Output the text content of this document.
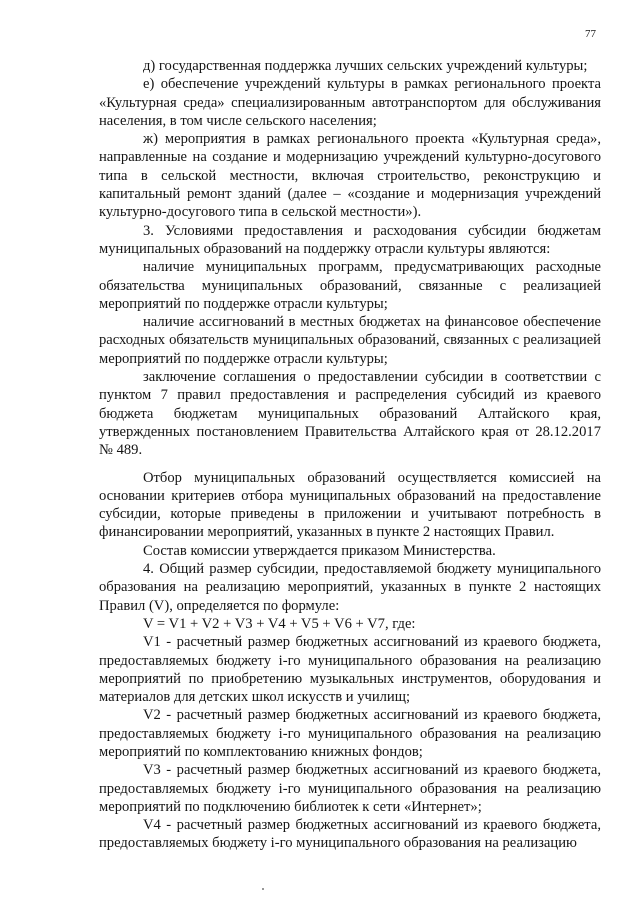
77

д) государственная поддержка лучших сельских учреждений культуры;

е) обеспечение учреждений культуры в рамках регионального проекта «Культурная среда» специализированным автотранспортом для обслуживания населения, в том числе сельского населения;

ж) мероприятия в рамках регионального проекта «Культурная среда», направленные на создание и модернизацию учреждений культурно-досугового типа в сельской местности, включая строительство, реконструкцию и капитальный ремонт зданий (далее – «создание и модернизация учреждений культурно-досугового типа в сельской местности»).

3. Условиями предоставления и расходования субсидии бюджетам муниципальных образований на поддержку отрасли культуры являются:

наличие муниципальных программ, предусматривающих расходные обязательства муниципальных образований, связанные с реализацией мероприятий по поддержке отрасли культуры;

наличие ассигнований в местных бюджетах на финансовое обеспечение расходных обязательств муниципальных образований, связанных с реализацией мероприятий по поддержке отрасли культуры;

заключение соглашения о предоставлении субсидии в соответствии с пунктом 7 правил предоставления и распределения субсидий из краевого бюджета бюджетам муниципальных образований Алтайского края, утвержденных постановлением Правительства Алтайского края от 28.12.2017 № 489.

Отбор муниципальных образований осуществляется комиссией на основании критериев отбора муниципальных образований на предоставление субсидии, которые приведены в приложении и учитывают потребность в финансировании мероприятий, указанных в пункте 2 настоящих Правил.

Состав комиссии утверждается приказом Министерства.

4. Общий размер субсидии, предоставляемой бюджету муниципального образования на реализацию мероприятий, указанных в пункте 2 настоящих Правил (V), определяется по формуле:

V = V1 + V2 + V3 + V4 + V5 + V6 + V7, где:

V1 - расчетный размер бюджетных ассигнований из краевого бюджета, предоставляемых бюджету i-го муниципального образования на реализацию мероприятий по приобретению музыкальных инструментов, оборудования и материалов для детских школ искусств и училищ;

V2 - расчетный размер бюджетных ассигнований из краевого бюджета, предоставляемых бюджету i-го муниципального образования на реализацию мероприятий по комплектованию книжных фондов;

V3 - расчетный размер бюджетных ассигнований из краевого бюджета, предоставляемых бюджету i-го муниципального образования на реализацию мероприятий по подключению библиотек к сети «Интернет»;

V4 - расчетный размер бюджетных ассигнований из краевого бюджета, предоставляемых бюджету i-го муниципального образования на реализацию
